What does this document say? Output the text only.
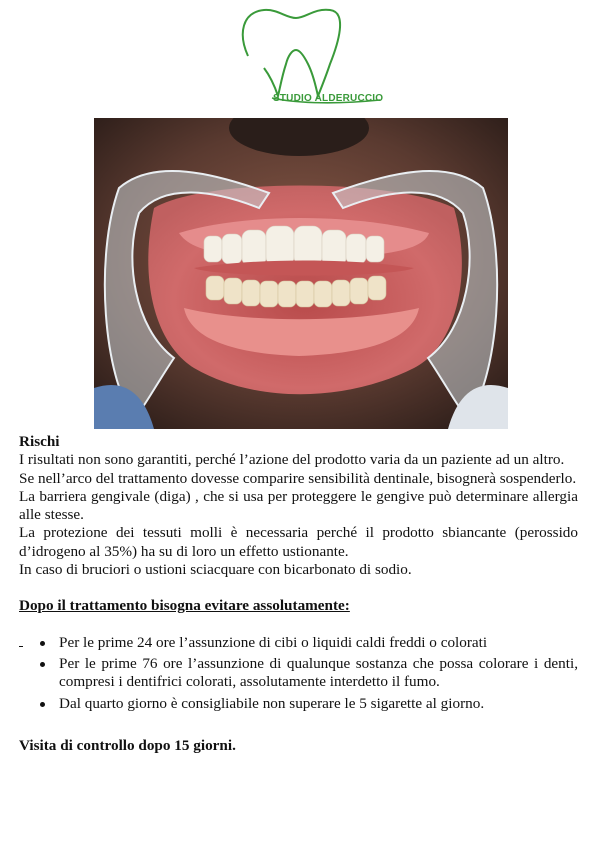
STUDIO ALDERUCCIO
Rischi

I risultati non sono garantiti, perché l’azione del prodotto varia da un paziente ad un altro.

Se nell’arco del trattamento dovesse comparire sensibilità dentinale, bisognerà sospenderlo.

La barriera gengivale (diga) , che si usa per proteggere le gengive può determinare allergia alle stesse.

La protezione dei tessuti molli è necessaria perché il prodotto sbiancante (perossido d’idrogeno al 35%) ha su di loro un effetto ustionante.

In caso di bruciori o ustioni sciacquare con bicarbonato di sodio.

Dopo il trattamento bisogna evitare assolutamente:
Per le prime 24 ore l’assunzione di cibi o liquidi caldi freddi o colorati
Per le prime 76 ore l’assunzione di qualunque sostanza che possa colorare i denti, compresi i dentifrici colorati, assolutamente interdetto il fumo.
Dal quarto giorno è consigliabile non superare le 5 sigarette al giorno.
Visita di controllo dopo 15 giorni.
